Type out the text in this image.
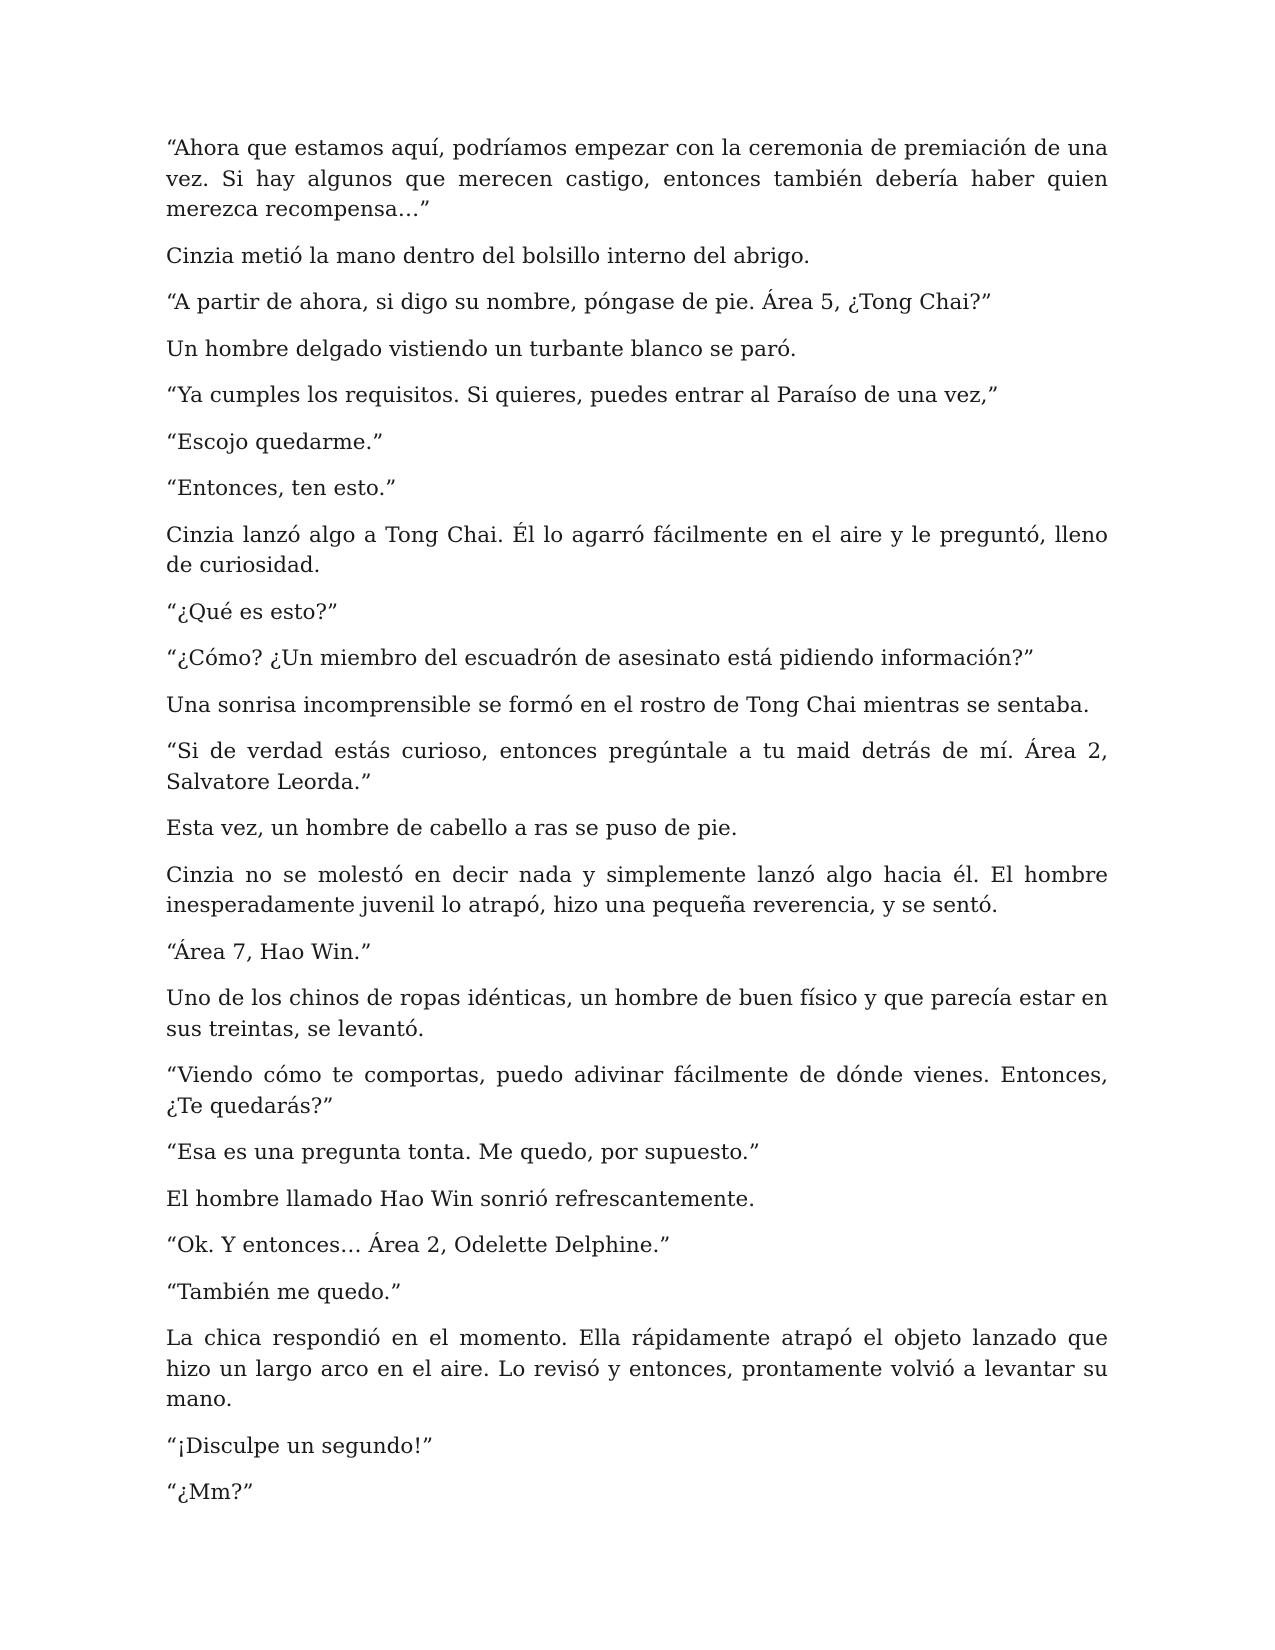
“Ahora que estamos aquí, podríamos empezar con la ceremonia de premiación de una vez. Si hay algunos que merecen castigo, entonces también debería haber quien merezca recompensa…”

Cinzia metió la mano dentro del bolsillo interno del abrigo.

“A partir de ahora, si digo su nombre, póngase de pie. Área 5, ¿Tong Chai?”

Un hombre delgado vistiendo un turbante blanco se paró.

“Ya cumples los requisitos. Si quieres, puedes entrar al Paraíso de una vez,”

“Escojo quedarme.”

“Entonces, ten esto.”

Cinzia lanzó algo a Tong Chai. Él lo agarró fácilmente en el aire y le preguntó, lleno de curiosidad.

“¿Qué es esto?”

“¿Cómo? ¿Un miembro del escuadrón de asesinato está pidiendo información?”

Una sonrisa incomprensible se formó en el rostro de Tong Chai mientras se sentaba.

“Si de verdad estás curioso, entonces pregúntale a tu maid detrás de mí. Área 2, Salvatore Leorda.”

Esta vez, un hombre de cabello a ras se puso de pie.

Cinzia no se molestó en decir nada y simplemente lanzó algo hacia él. El hombre inesperadamente juvenil lo atrapó, hizo una pequeña reverencia, y se sentó.

“Área 7, Hao Win.”

Uno de los chinos de ropas idénticas, un hombre de buen físico y que parecía estar en sus treintas, se levantó.

“Viendo cómo te comportas, puedo adivinar fácilmente de dónde vienes. Entonces, ¿Te quedarás?”

“Esa es una pregunta tonta. Me quedo, por supuesto.”

El hombre llamado Hao Win sonrió refrescantemente.

“Ok. Y entonces… Área 2, Odelette Delphine.”

“También me quedo.”

La chica respondió en el momento. Ella rápidamente atrapó el objeto lanzado que hizo un largo arco en el aire. Lo revisó y entonces, prontamente volvió a levantar su mano.

“¡Disculpe un segundo!”

“¿Mm?”
